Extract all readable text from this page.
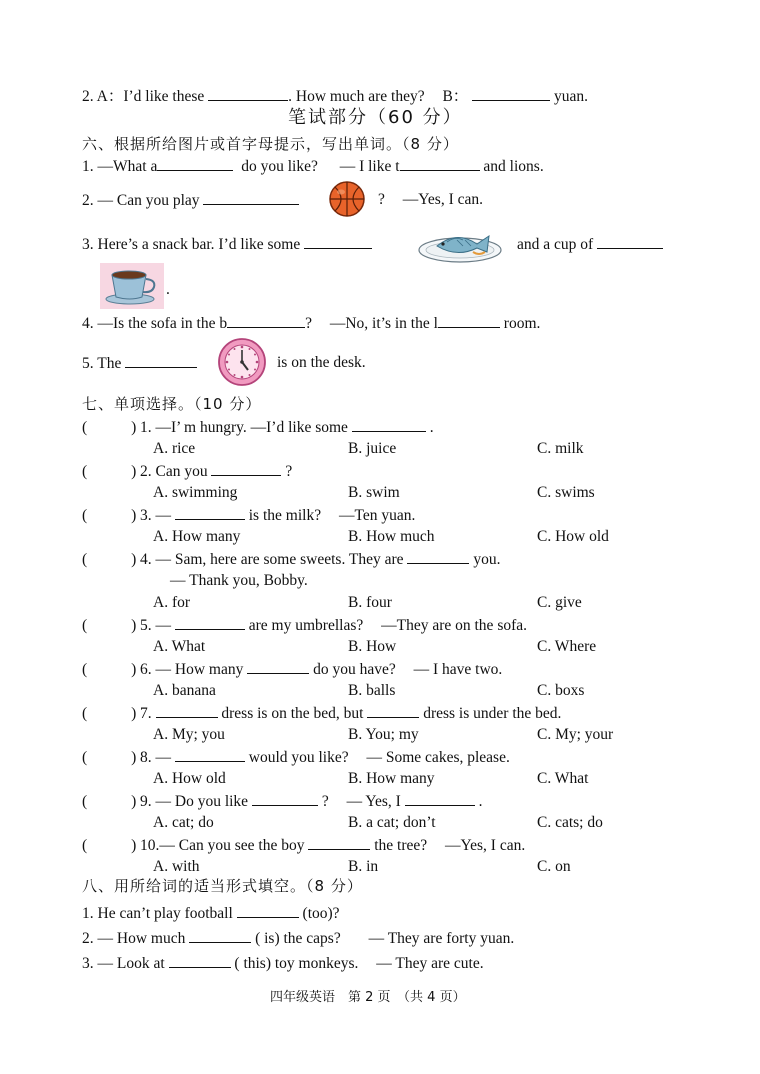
2. A：I’d like these	. How much are they? B：	yuan.
笔试部分（60 分）
六、根据所给图片或首字母提示，写出单词。（8 分）
1. —What a	do you like? — I like t	and lions.
2. — Can you play	? —Yes, I can.
3. Here’s a snack bar. I’d like some	and a cup of
.
4. —Is the sofa in the b	? —No, it’s in the l	room.
5. The	is on the desk.
七、单项选择。（10 分）
(	) 1. —I’ m hungry. —I’d like some	.
A. rice	B. juice	C. milk
(	) 2. Can you	?
A. swimming	B. swim	C. swims
(	) 3. —	is the milk? —Ten yuan.
A. How many	B. How much	C. How old
(	) 4. — Sam, here are some sweets. They are	you.
— Thank you, Bobby.
A. for	B. four	C. give
(	) 5. —	are my umbrellas? —They are on the sofa.
A. What	B. How	C. Where
(	) 6. — How many	do you have? — I have two.
A. banana	B. balls	C. boxs
(	) 7.	dress is on the bed, but	dress is under the bed.
A. My; you	B. You; my	C. My; your
(	) 8. —	would you like? — Some cakes, please.
A. How old	B. How many	C. What
(	) 9. — Do you like	? — Yes, I	.
A. cat; do	B. a cat; don’t	C. cats; do
(	) 10.— Can you see the boy	the tree? —Yes, I can.
A. with	B. in	C. on
八、用所给词的适当形式填空。（8 分）
1. He can’t play football	(too)?
2. — How much	( is) the caps? — They are forty yuan.
3. — Look at	( this) toy monkeys. — They are cute.
四年级英语　第 2 页　（共 4 页）
